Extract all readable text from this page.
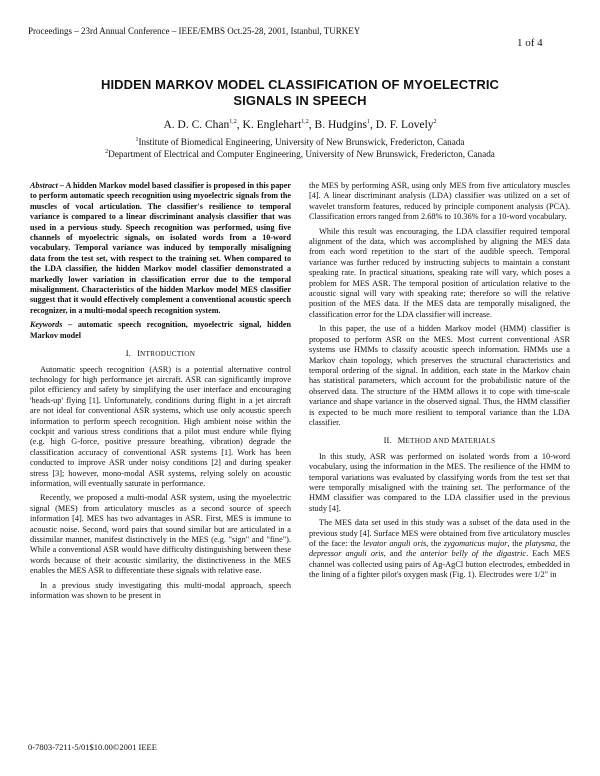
Proceedings – 23rd Annual Conference – IEEE/EMBS Oct.25-28, 2001, Istanbul, TURKEY
1 of 4
HIDDEN MARKOV MODEL CLASSIFICATION OF MYOELECTRIC
SIGNALS IN SPEECH
A. D. C. Chan$^{1,2}$, K. Englehart$^{1,2}$, B. Hudgins$^1$, D. F. Lovely$^2$
$^1$Institute of Biomedical Engineering, University of New Brunswick, Fredericton, Canada
$^2$Department of Electrical and Computer Engineering, University of New Brunswick, Fredericton, Canada

Abstract – A hidden Markov model based classifier is proposed in this paper to perform automatic speech recognition using myoelectric signals from the muscles of vocal articulation. The classifier's resilience to temporal variance is compared to a linear discriminant analysis classifier that was used in a pervious study. Speech recognition was performed, using five channels of myoelectric signals, on isolated words from a 10-word vocabulary. Temporal variance was induced by temporally misaligning data from the test set, with respect to the training set. When compared to the LDA classifier, the hidden Markov model classifier demonstrated a markedly lower variation in classification error due to the temporal misalignment. Characteristics of the hidden Markov model MES classifier suggest that it would effectively complement a conventional acoustic speech recognizer, in a multi-modal speech recognition system.

Keywords – automatic speech recognition, myoelectric signal, hidden Markov model

I. INTRODUCTION

Automatic speech recognition (ASR) is a potential alternative control technology for high performance jet aircraft. ASR can significantly improve pilot efficiency and safety by simplifying the user interface and encouraging 'heads-up' flying [1]. Unfortunately, conditions during flight in a jet aircraft are not ideal for conventional ASR systems, which use only acoustic speech information to perform speech recognition. High ambient noise within the cockpit and various stress conditions that a pilot must endure while flying (e.g. high G-force, positive pressure breathing, vibration) degrade the classification accuracy of conventional ASR systems [1]. Work has been conducted to improve ASR under noisy conditions [2] and during speaker stress [3]; however, mono-modal ASR systems, relying solely on acoustic information, will eventually saturate in performance.

Recently, we proposed a multi-modal ASR system, using the myoelectric signal (MES) from articulatory muscles as a second source of speech information [4]. MES has two advantages in ASR. First, MES is immune to acoustic noise. Second, word pairs that sound similar but are articulated in a dissimilar manner, manifest distinctively in the MES (e.g. "sign" and "fine"). While a conventional ASR would have difficulty distinguishing between these words because of their acoustic similarity, the distinctiveness in the MES enables the MES ASR to differentiate these signals with relative ease.

In a previous study investigating this multi-modal approach, speech information was shown to be present in

the MES by performing ASR, using only MES from five articulatory muscles [4]. A linear discriminant analysis (LDA) classifier was utilized on a set of wavelet transform features, reduced by principle component analysis (PCA). Classification errors ranged from 2.68% to 10.36% for a 10-word vocabulary.

While this result was encouraging, the LDA classifier required temporal alignment of the data, which was accomplished by aligning the MES data from each word repetition to the start of the audible speech. Temporal variance was further reduced by instructing subjects to maintain a constant speaking rate. In practical situations, speaking rate will vary, which poses a problem for MES ASR. The temporal position of articulation relative to the acoustic signal will vary with speaking rate; therefore so will the relative position of the MES data. If the MES data are temporally misaligned, the classification error for the LDA classifier will increase.

In this paper, the use of a hidden Markov model (HMM) classifier is proposed to perform ASR on the MES. Most current conventional ASR systems use HMMs to classify acoustic speech information. HMMs use a Markov chain topology, which preserves the structural characteristics and temporal ordering of the signal. In addition, each state in the Markov chain has statistical parameters, which account for the probabilistic nature of the observed data. The structure of the HMM allows it to cope with time-scale variance and shape variance in the observed signal. Thus, the HMM classifier is expected to be much more resilient to temporal variance than the LDA classifier.

II. METHOD AND MATERIALS

In this study, ASR was performed on isolated words from a 10-word vocabulary, using the information in the MES. The resilience of the HMM to temporal variations was evaluated by classifying words from the test set that were temporally misaligned with the training set. The performance of the HMM classifier was compared to the LDA classifier used in the previous study [4].

The MES data set used in this study was a subset of the data used in the previous study [4]. Surface MES were obtained from five articulatory muscles of the face: the levator anguli oris, the zygomaticus major, the platysma, the depressor anguli oris, and the anterior belly of the digastric. Each MES channel was collected using pairs of Ag-AgCl button electrodes, embedded in the lining of a fighter pilot's oxygen mask (Fig. 1). Electrodes were 1/2" in

0-7803-7211-5/01$10.00©2001 IEEE
